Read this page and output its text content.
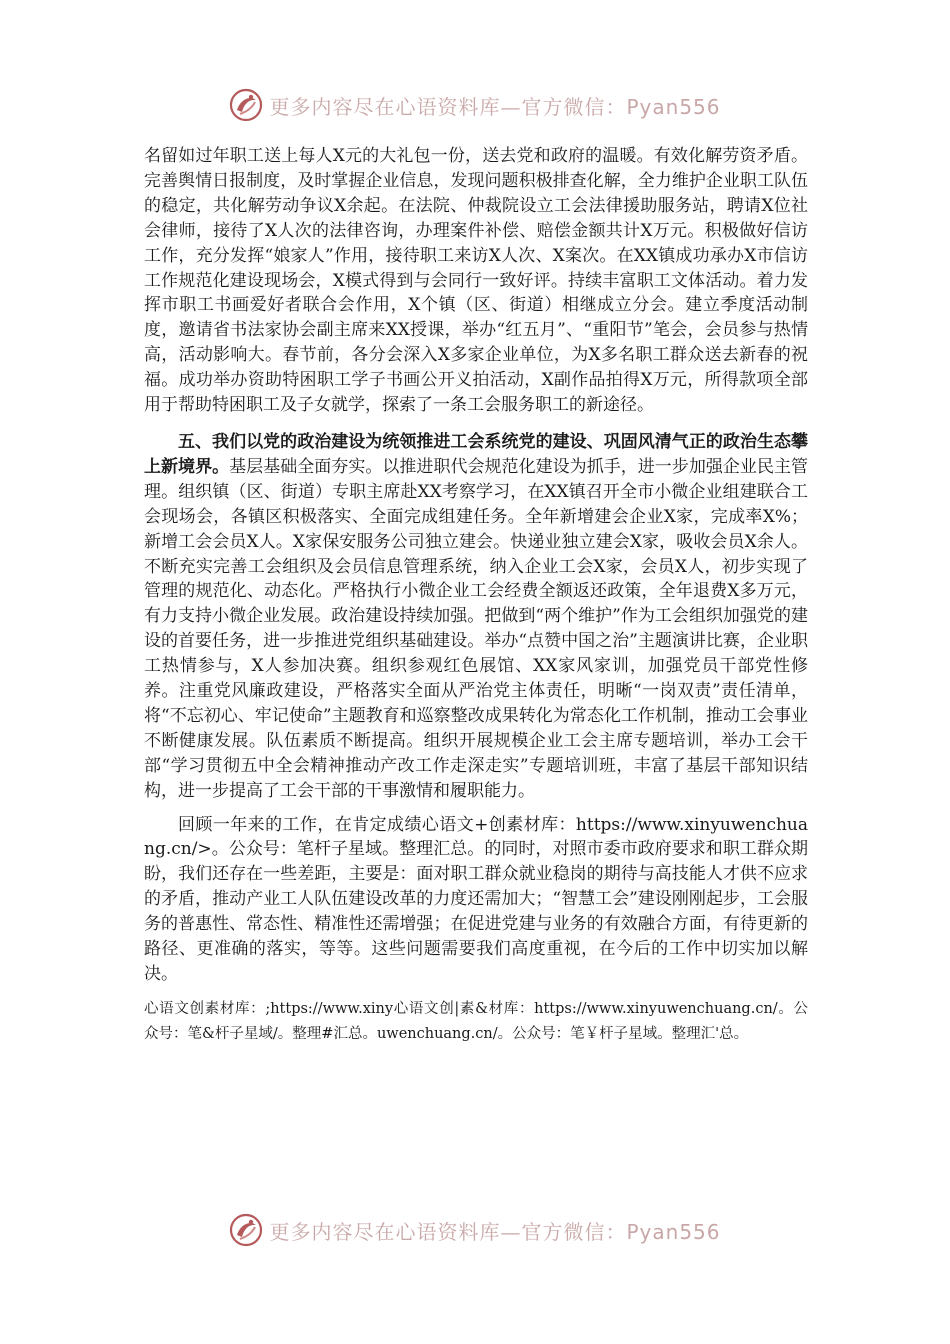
更多内容尽在心语资料库—官方微信：Pyan556

名留如过年职工送上每人X元的大礼包一份，送去党和政府的温暖。有效化解劳资矛盾。完善舆情日报制度，及时掌握企业信息，发现问题积极排查化解，全力维护企业职工队伍的稳定，共化解劳动争议X余起。在法院、仲裁院设立工会法律援助服务站，聘请X位社会律师，接待了X人次的法律咨询，办理案件补偿、赔偿金额共计X万元。积极做好信访工作，充分发挥“娘家人”作用，接待职工来访X人次、X案次。在XX镇成功承办X市信访工作规范化建设现场会，X模式得到与会同行一致好评。持续丰富职工文体活动。着力发挥市职工书画爱好者联合会作用，X个镇（区、街道）相继成立分会。建立季度活动制度，邀请省书法家协会副主席来XX授课，举办“红五月”、“重阳节”笔会，会员参与热情高，活动影响大。春节前，各分会深入X多家企业单位，为X多名职工群众送去新春的祝福。成功举办资助特困职工学子书画公开义拍活动，X副作品拍得X万元，所得款项全部用于帮助特困职工及子女就学，探索了一条工会服务职工的新途径。

五、我们以党的政治建设为统领推进工会系统党的建设、巩固风清气正的政治生态攀上新境界。基层基础全面夯实。以推进职代会规范化建设为抓手，进一步加强企业民主管理。组织镇（区、街道）专职主席赴XX考察学习，在XX镇召开全市小微企业组建联合工会现场会，各镇区积极落实、全面完成组建任务。全年新增建会企业X家，完成率X%；新增工会会员X人。X家保安服务公司独立建会。快递业独立建会X家，吸收会员X余人。不断充实完善工会组织及会员信息管理系统，纳入企业工会X家，会员X人，初步实现了管理的规范化、动态化。严格执行小微企业工会经费全额返还政策，全年退费X多万元，有力支持小微企业发展。政治建设持续加强。把做到“两个维护”作为工会组织加强党的建设的首要任务，进一步推进党组织基础建设。举办“点赞中国之治”主题演讲比赛，企业职工热情参与，X人参加决赛。组织参观红色展馆、XX家风家训，加强党员干部党性修养。注重党风廉政建设，严格落实全面从严治党主体责任，明晰“一岗双责”责任清单，将“不忘初心、牢记使命”主题教育和巡察整改成果转化为常态化工作机制，推动工会事业不断健康发展。队伍素质不断提高。组织开展规模企业工会主席专题培训，举办工会干部“学习贯彻五中全会精神推动产改工作走深走实”专题培训班，丰富了基层干部知识结构，进一步提高了工会干部的干事激情和履职能力。

回顾一年来的工作，在肯定成绩心语文+创素材库：https://www.xinyuwenchuang.cn/>。公众号：笔杆子星域。整理汇总。的同时，对照市委市政府要求和职工群众期盼，我们还存在一些差距，主要是：面对职工群众就业稳岗的期待与高技能人才供不应求的矛盾，推动产业工人队伍建设改革的力度还需加大；“智慧工会”建设刚刚起步，工会服务的普惠性、常态性、精准性还需增强；在促进党建与业务的有效融合方面，有待更新的路径、更准确的落实，等等。这些问题需要我们高度重视，在今后的工作中切实加以解决。

心语文创素材库：;https://www.xiny心语文创|素&材库：https://www.xinyuwenchuang.cn/。公众号：笔&杆子星域/。整理#汇总。uwenchuang.cn/。公众号：笔￥杆子星域。整理汇'总。

更多内容尽在心语资料库—官方微信：Pyan556
